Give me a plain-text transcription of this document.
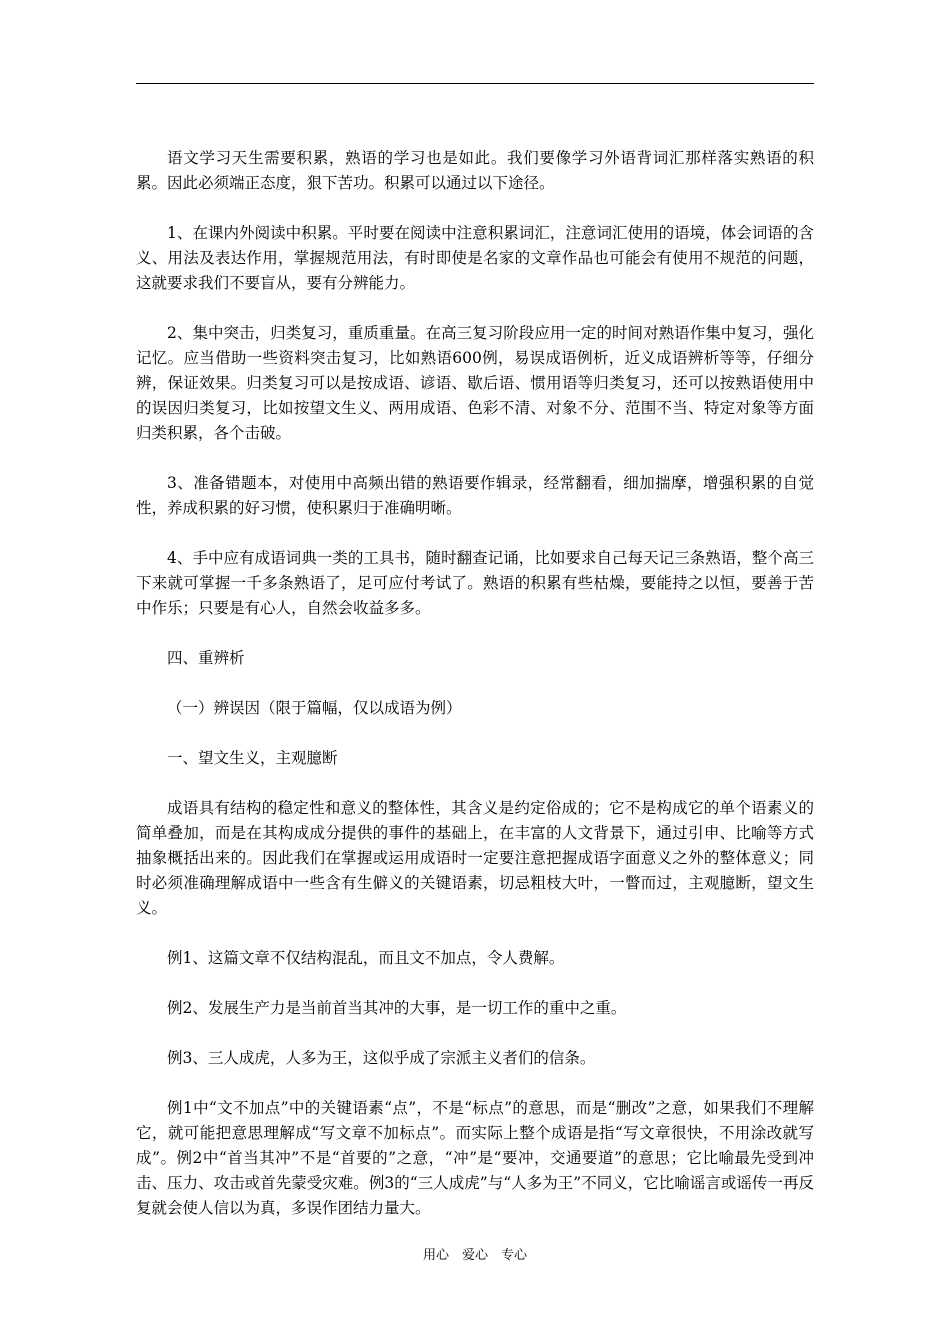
语文学习天生需要积累，熟语的学习也是如此。我们要像学习外语背词汇那样落实熟语的积累。因此必须端正态度，狠下苦功。积累可以通过以下途径。

1、在课内外阅读中积累。平时要在阅读中注意积累词汇，注意词汇使用的语境，体会词语的含义、用法及表达作用，掌握规范用法，有时即使是名家的文章作品也可能会有使用不规范的问题，这就要求我们不要盲从，要有分辨能力。

2、集中突击，归类复习，重质重量。在高三复习阶段应用一定的时间对熟语作集中复习，强化记忆。应当借助一些资料突击复习，比如熟语600例，易误成语例析，近义成语辨析等等，仔细分辨，保证效果。归类复习可以是按成语、谚语、歇后语、惯用语等归类复习，还可以按熟语使用中的误因归类复习，比如按望文生义、两用成语、色彩不清、对象不分、范围不当、特定对象等方面归类积累，各个击破。

3、准备错题本，对使用中高频出错的熟语要作辑录，经常翻看，细加揣摩，增强积累的自觉性，养成积累的好习惯，使积累归于准确明晰。

4、手中应有成语词典一类的工具书，随时翻查记诵，比如要求自己每天记三条熟语，整个高三下来就可掌握一千多条熟语了，足可应付考试了。熟语的积累有些枯燥，要能持之以恒，要善于苦中作乐；只要是有心人，自然会收益多多。

四、重辨析

（一）辨误因（限于篇幅，仅以成语为例）

一、望文生义，主观臆断

成语具有结构的稳定性和意义的整体性，其含义是约定俗成的；它不是构成它的单个语素义的简单叠加，而是在其构成成分提供的事件的基础上，在丰富的人文背景下，通过引申、比喻等方式抽象概括出来的。因此我们在掌握或运用成语时一定要注意把握成语字面意义之外的整体意义；同时必须准确理解成语中一些含有生僻义的关键语素，切忌粗枝大叶，一瞥而过，主观臆断，望文生义。

例1、这篇文章不仅结构混乱，而且文不加点，令人费解。

例2、发展生产力是当前首当其冲的大事，是一切工作的重中之重。

例3、三人成虎，人多为王，这似乎成了宗派主义者们的信条。

例1中“文不加点”中的关键语素“点”，不是“标点”的意思，而是“删改”之意，如果我们不理解它，就可能把意思理解成“写文章不加标点”。而实际上整个成语是指“写文章很快，不用涂改就写成”。例2中“首当其冲”不是“首要的”之意，“冲”是“要冲，交通要道”的意思；它比喻最先受到冲击、压力、攻击或首先蒙受灾难。例3的“三人成虎”与“人多为王”不同义，它比喻谣言或谣传一再反复就会使人信以为真，多误作团结力量大。

用心　爱心　专心
